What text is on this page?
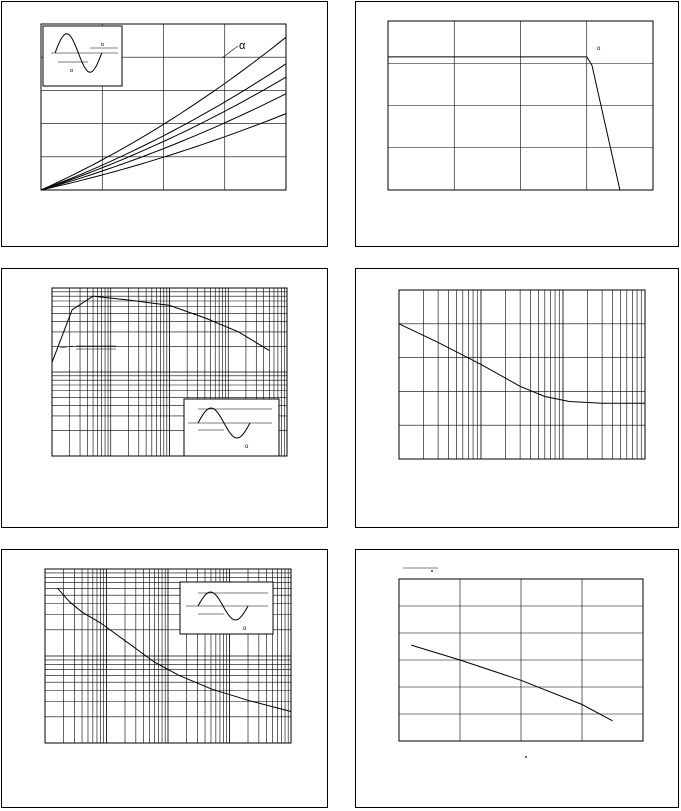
α
α	α	o
o
o
